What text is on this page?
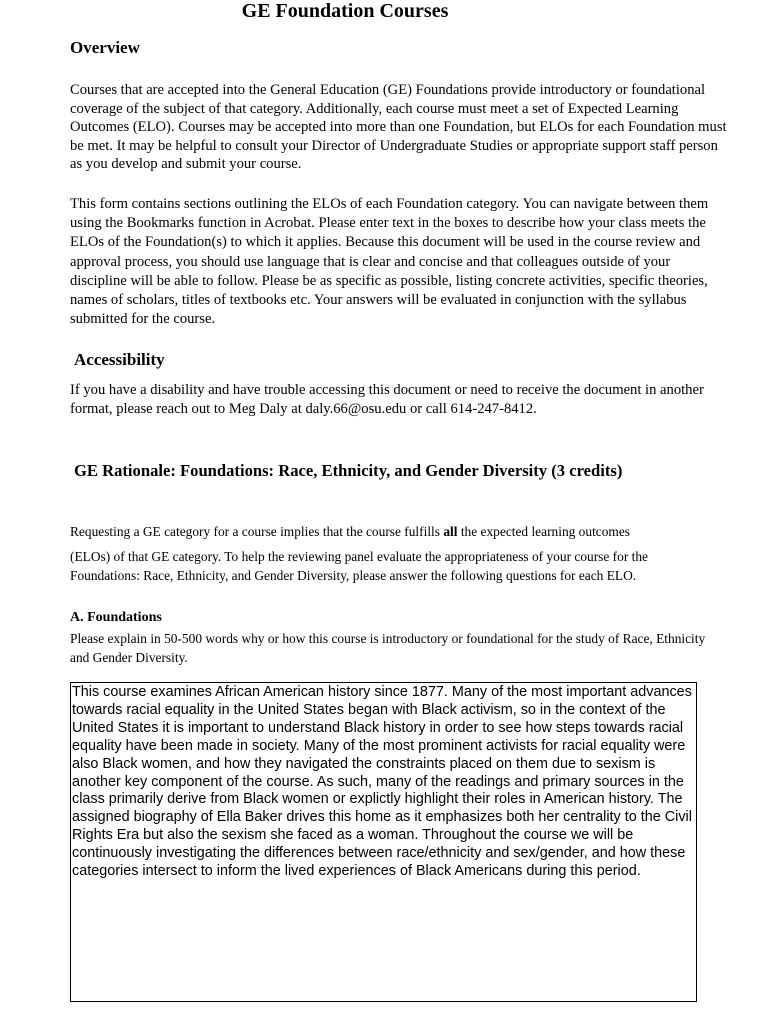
GE Foundation Courses
Overview

Courses that are accepted into the General Education (GE) Foundations provide introductory or foundational coverage of the subject of that category. Additionally, each course must meet a set of Expected Learning Outcomes (ELO). Courses may be accepted into more than one Foundation, but ELOs for each Foundation must be met. It may be helpful to consult your Director of Undergraduate Studies or appropriate support staff person as you develop and submit your course.

This form contains sections outlining the ELOs of each Foundation category. You can navigate between them using the Bookmarks function in Acrobat. Please enter text in the boxes to describe how your class meets the ELOs of the Foundation(s) to which it applies. Because this document will be used in the course review and approval process, you should use language that is clear and concise and that colleagues outside of your discipline will be able to follow. Please be as specific as possible, listing concrete activities, specific theories, names of scholars, titles of textbooks etc. Your answers will be evaluated in conjunction with the syllabus submitted for the course.

Accessibility

If you have a disability and have trouble accessing this document or need to receive the document in another format, please reach out to Meg Daly at daly.66@osu.edu or call 614-247-8412.

GE Rationale: Foundations: Race, Ethnicity, and Gender Diversity (3 credits)

Requesting a GE category for a course implies that the course fulfills all the expected learning outcomes

(ELOs) of that GE category. To help the reviewing panel evaluate the appropriateness of your course for the Foundations: Race, Ethnicity, and Gender Diversity, please answer the following questions for each ELO.

A. Foundations

Please explain in 50-500 words why or how this course is introductory or foundational for the study of Race, Ethnicity and Gender Diversity.

This course examines African American history since 1877. Many of the most important advances towards racial equality in the United States began with Black activism, so in the context of the United States it is important to understand Black history in order to see how steps towards racial equality have been made in society. Many of the most prominent activists for racial equality were also Black women, and how they navigated the constraints placed on them due to sexism is another key component of the course. As such, many of the readings and primary sources in the class primarily derive from Black women or explictly highlight their roles in American history. The assigned biography of Ella Baker drives this home as it emphasizes both her centrality to the Civil Rights Era but also the sexism she faced as a woman. Throughout the course we will be continuously investigating the differences between race/ethnicity and sex/gender, and how these categories intersect to inform the lived experiences of Black Americans during this period.
